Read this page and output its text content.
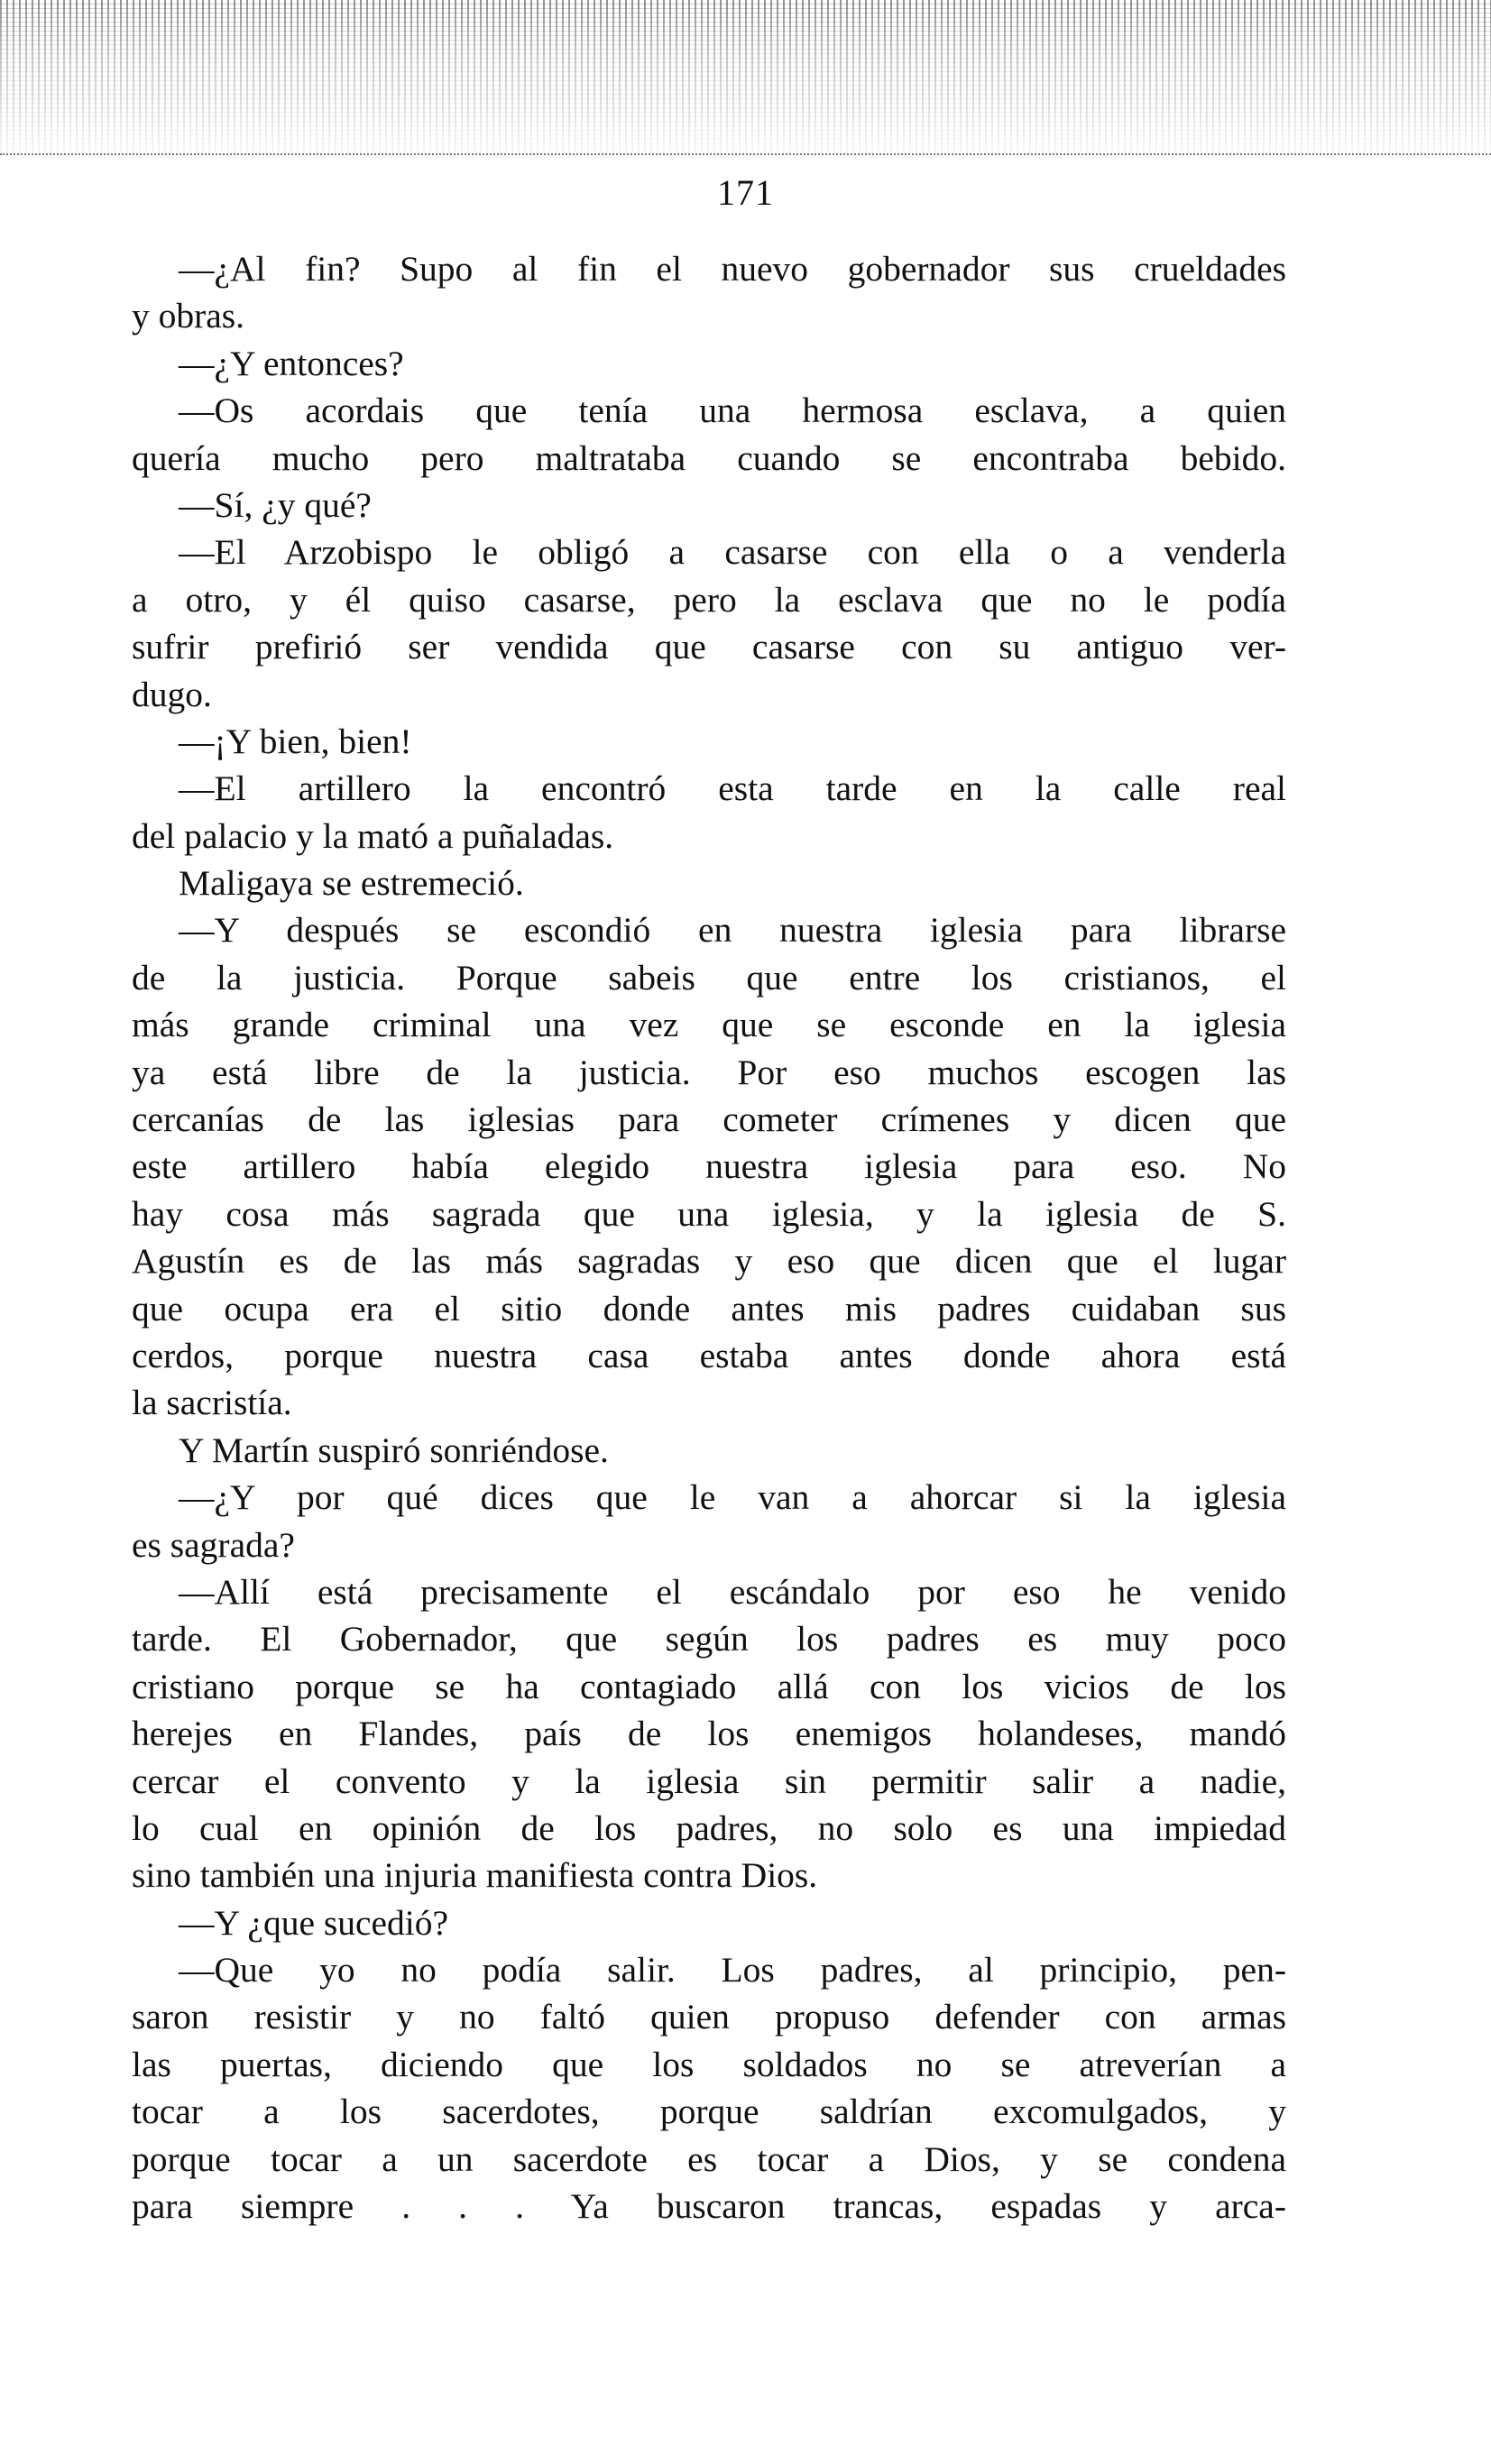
171
—¿Al fin? Supo al fin el nuevo gobernador sus crueldades
y obras.
—¿Y entonces?
—Os acordais que tenía una hermosa esclava, a quien
quería mucho pero maltrataba cuando se encontraba bebido.
—Sí, ¿y qué?
—El Arzobispo le obligó a casarse con ella o a venderla
a otro, y él quiso casarse, pero la esclava que no le podía
sufrir prefirió ser vendida que casarse con su antiguo ver-
dugo.
—¡Y bien, bien!
—El artillero la encontró esta tarde en la calle real
del palacio y la mató a puñaladas.
Maligaya se estremeció.
—Y después se escondió en nuestra iglesia para librarse
de la justicia. Porque sabeis que entre los cristianos, el
más grande criminal una vez que se esconde en la iglesia
ya está libre de la justicia. Por eso muchos escogen las
cercanías de las iglesias para cometer crímenes y dicen que
este artillero había elegido nuestra iglesia para eso. No
hay cosa más sagrada que una iglesia, y la iglesia de S.
Agustín es de las más sagradas y eso que dicen que el lugar
que ocupa era el sitio donde antes mis padres cuidaban sus
cerdos, porque nuestra casa estaba antes donde ahora está
la sacristía.
Y Martín suspiró sonriéndose.
—¿Y por qué dices que le van a ahorcar si la iglesia
es sagrada?
—Allí está precisamente el escándalo por eso he venido
tarde. El Gobernador, que según los padres es muy poco
cristiano porque se ha contagiado allá con los vicios de los
herejes en Flandes, país de los enemigos holandeses, mandó
cercar el convento y la iglesia sin permitir salir a nadie,
lo cual en opinión de los padres, no solo es una impiedad
sino también una injuria manifiesta contra Dios.
—Y ¿que sucedió?
—Que yo no podía salir. Los padres, al principio, pen-
saron resistir y no faltó quien propuso defender con armas
las puertas, diciendo que los soldados no se atreverían a
tocar a los sacerdotes, porque saldrían excomulgados, y
porque tocar a un sacerdote es tocar a Dios, y se condena
para siempre . . . Ya buscaron trancas, espadas y arca-
